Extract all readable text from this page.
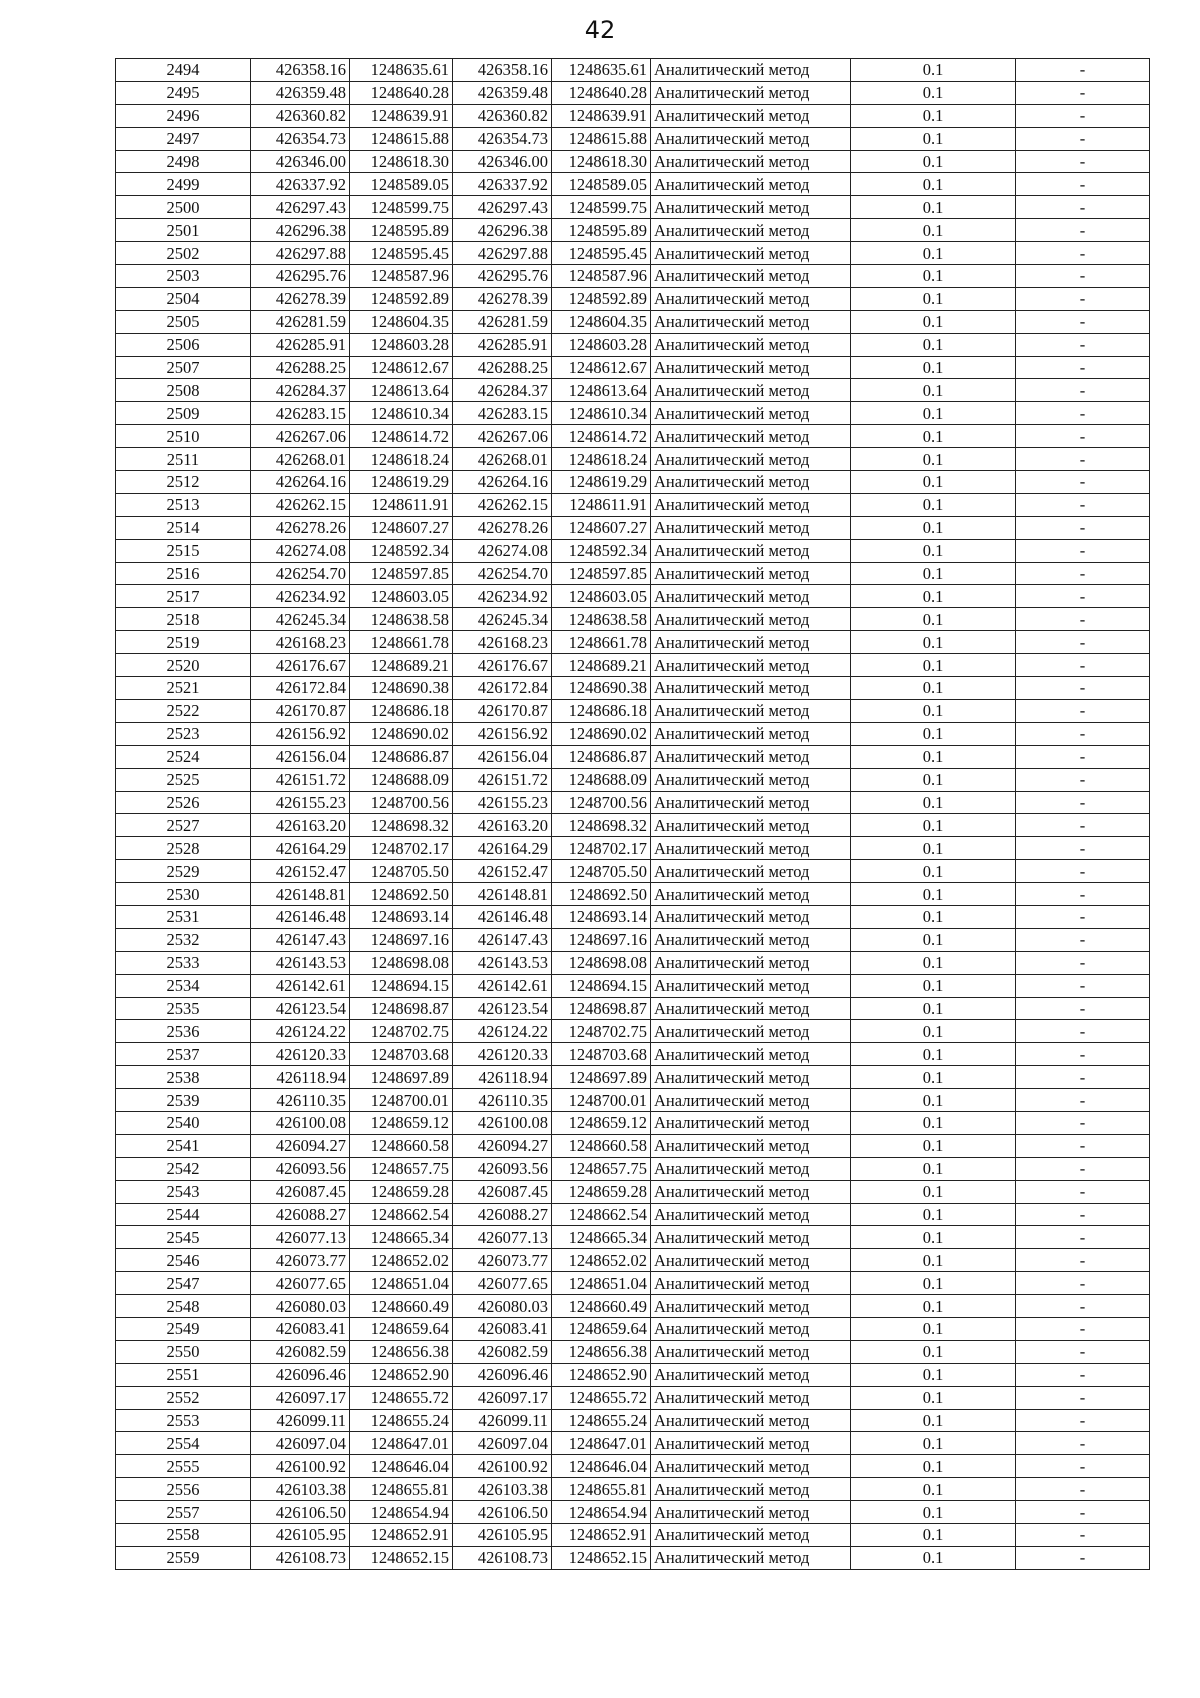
42
2494	426358.16	1248635.61	426358.16	1248635.61	Аналитический метод	0.1	-
2495	426359.48	1248640.28	426359.48	1248640.28	Аналитический метод	0.1	-
2496	426360.82	1248639.91	426360.82	1248639.91	Аналитический метод	0.1	-
2497	426354.73	1248615.88	426354.73	1248615.88	Аналитический метод	0.1	-
2498	426346.00	1248618.30	426346.00	1248618.30	Аналитический метод	0.1	-
2499	426337.92	1248589.05	426337.92	1248589.05	Аналитический метод	0.1	-
2500	426297.43	1248599.75	426297.43	1248599.75	Аналитический метод	0.1	-
2501	426296.38	1248595.89	426296.38	1248595.89	Аналитический метод	0.1	-
2502	426297.88	1248595.45	426297.88	1248595.45	Аналитический метод	0.1	-
2503	426295.76	1248587.96	426295.76	1248587.96	Аналитический метод	0.1	-
2504	426278.39	1248592.89	426278.39	1248592.89	Аналитический метод	0.1	-
2505	426281.59	1248604.35	426281.59	1248604.35	Аналитический метод	0.1	-
2506	426285.91	1248603.28	426285.91	1248603.28	Аналитический метод	0.1	-
2507	426288.25	1248612.67	426288.25	1248612.67	Аналитический метод	0.1	-
2508	426284.37	1248613.64	426284.37	1248613.64	Аналитический метод	0.1	-
2509	426283.15	1248610.34	426283.15	1248610.34	Аналитический метод	0.1	-
2510	426267.06	1248614.72	426267.06	1248614.72	Аналитический метод	0.1	-
2511	426268.01	1248618.24	426268.01	1248618.24	Аналитический метод	0.1	-
2512	426264.16	1248619.29	426264.16	1248619.29	Аналитический метод	0.1	-
2513	426262.15	1248611.91	426262.15	1248611.91	Аналитический метод	0.1	-
2514	426278.26	1248607.27	426278.26	1248607.27	Аналитический метод	0.1	-
2515	426274.08	1248592.34	426274.08	1248592.34	Аналитический метод	0.1	-
2516	426254.70	1248597.85	426254.70	1248597.85	Аналитический метод	0.1	-
2517	426234.92	1248603.05	426234.92	1248603.05	Аналитический метод	0.1	-
2518	426245.34	1248638.58	426245.34	1248638.58	Аналитический метод	0.1	-
2519	426168.23	1248661.78	426168.23	1248661.78	Аналитический метод	0.1	-
2520	426176.67	1248689.21	426176.67	1248689.21	Аналитический метод	0.1	-
2521	426172.84	1248690.38	426172.84	1248690.38	Аналитический метод	0.1	-
2522	426170.87	1248686.18	426170.87	1248686.18	Аналитический метод	0.1	-
2523	426156.92	1248690.02	426156.92	1248690.02	Аналитический метод	0.1	-
2524	426156.04	1248686.87	426156.04	1248686.87	Аналитический метод	0.1	-
2525	426151.72	1248688.09	426151.72	1248688.09	Аналитический метод	0.1	-
2526	426155.23	1248700.56	426155.23	1248700.56	Аналитический метод	0.1	-
2527	426163.20	1248698.32	426163.20	1248698.32	Аналитический метод	0.1	-
2528	426164.29	1248702.17	426164.29	1248702.17	Аналитический метод	0.1	-
2529	426152.47	1248705.50	426152.47	1248705.50	Аналитический метод	0.1	-
2530	426148.81	1248692.50	426148.81	1248692.50	Аналитический метод	0.1	-
2531	426146.48	1248693.14	426146.48	1248693.14	Аналитический метод	0.1	-
2532	426147.43	1248697.16	426147.43	1248697.16	Аналитический метод	0.1	-
2533	426143.53	1248698.08	426143.53	1248698.08	Аналитический метод	0.1	-
2534	426142.61	1248694.15	426142.61	1248694.15	Аналитический метод	0.1	-
2535	426123.54	1248698.87	426123.54	1248698.87	Аналитический метод	0.1	-
2536	426124.22	1248702.75	426124.22	1248702.75	Аналитический метод	0.1	-
2537	426120.33	1248703.68	426120.33	1248703.68	Аналитический метод	0.1	-
2538	426118.94	1248697.89	426118.94	1248697.89	Аналитический метод	0.1	-
2539	426110.35	1248700.01	426110.35	1248700.01	Аналитический метод	0.1	-
2540	426100.08	1248659.12	426100.08	1248659.12	Аналитический метод	0.1	-
2541	426094.27	1248660.58	426094.27	1248660.58	Аналитический метод	0.1	-
2542	426093.56	1248657.75	426093.56	1248657.75	Аналитический метод	0.1	-
2543	426087.45	1248659.28	426087.45	1248659.28	Аналитический метод	0.1	-
2544	426088.27	1248662.54	426088.27	1248662.54	Аналитический метод	0.1	-
2545	426077.13	1248665.34	426077.13	1248665.34	Аналитический метод	0.1	-
2546	426073.77	1248652.02	426073.77	1248652.02	Аналитический метод	0.1	-
2547	426077.65	1248651.04	426077.65	1248651.04	Аналитический метод	0.1	-
2548	426080.03	1248660.49	426080.03	1248660.49	Аналитический метод	0.1	-
2549	426083.41	1248659.64	426083.41	1248659.64	Аналитический метод	0.1	-
2550	426082.59	1248656.38	426082.59	1248656.38	Аналитический метод	0.1	-
2551	426096.46	1248652.90	426096.46	1248652.90	Аналитический метод	0.1	-
2552	426097.17	1248655.72	426097.17	1248655.72	Аналитический метод	0.1	-
2553	426099.11	1248655.24	426099.11	1248655.24	Аналитический метод	0.1	-
2554	426097.04	1248647.01	426097.04	1248647.01	Аналитический метод	0.1	-
2555	426100.92	1248646.04	426100.92	1248646.04	Аналитический метод	0.1	-
2556	426103.38	1248655.81	426103.38	1248655.81	Аналитический метод	0.1	-
2557	426106.50	1248654.94	426106.50	1248654.94	Аналитический метод	0.1	-
2558	426105.95	1248652.91	426105.95	1248652.91	Аналитический метод	0.1	-
2559	426108.73	1248652.15	426108.73	1248652.15	Аналитический метод	0.1	-
